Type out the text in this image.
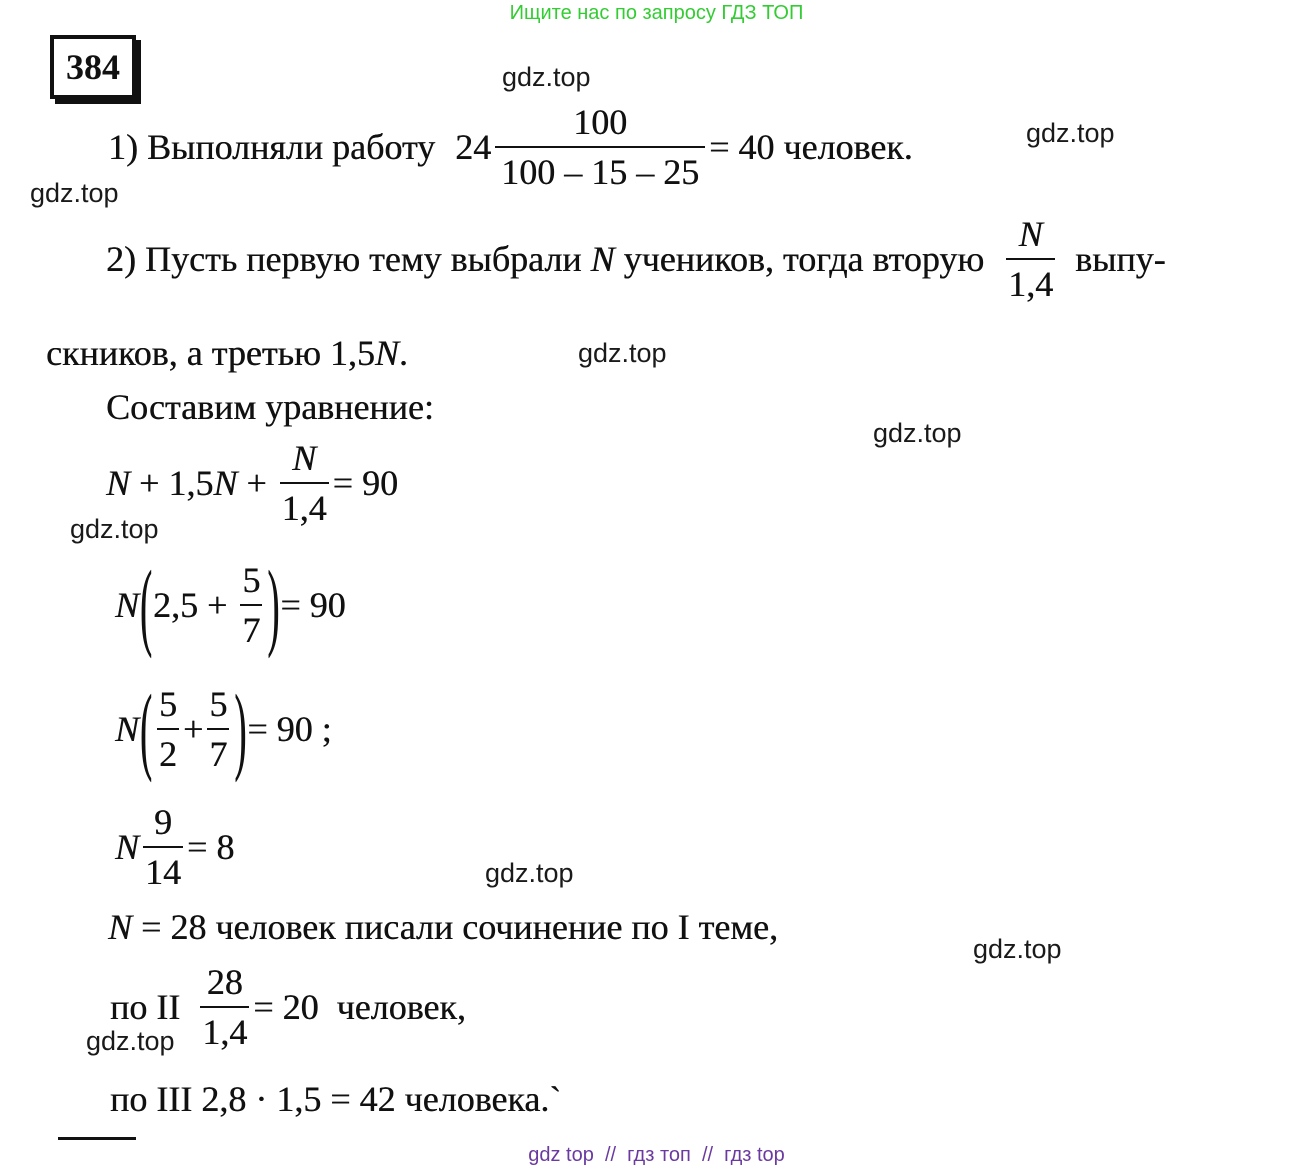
Ищите нас по запросу ГДЗ ТОП
384	gdz.top
gdz.top
gdz.top
gdz.top
gdz.top
gdz.top
gdz.top
gdz.top
gdz.top
1) Выполняли работу $24 \frac{100}{100 - 15 - 25} = 40$ человек.
2) Пусть первую тему выбрали
N
учеников, тогда вторую $\frac{N}{1,4}$ выпу-
скников, а третью 1,5 N .
Составим уравнение:
N + 1,5 $N + \frac{N}{1,4} = 90$
N ( $2,5 + \frac{5}{7}$ ) = 90
N ( $\frac{5}{2} + \frac{5}{7}$ ) = 90 ;
N $\frac{9}{14} = 8$
N = 28 человек писали сочинение по I теме,
по II $\frac{28}{1,4} = 20$  человек,
по III 2,8 · 1,5 = 42 человека.`
gdz top  //  гдз топ  //  гдз top
